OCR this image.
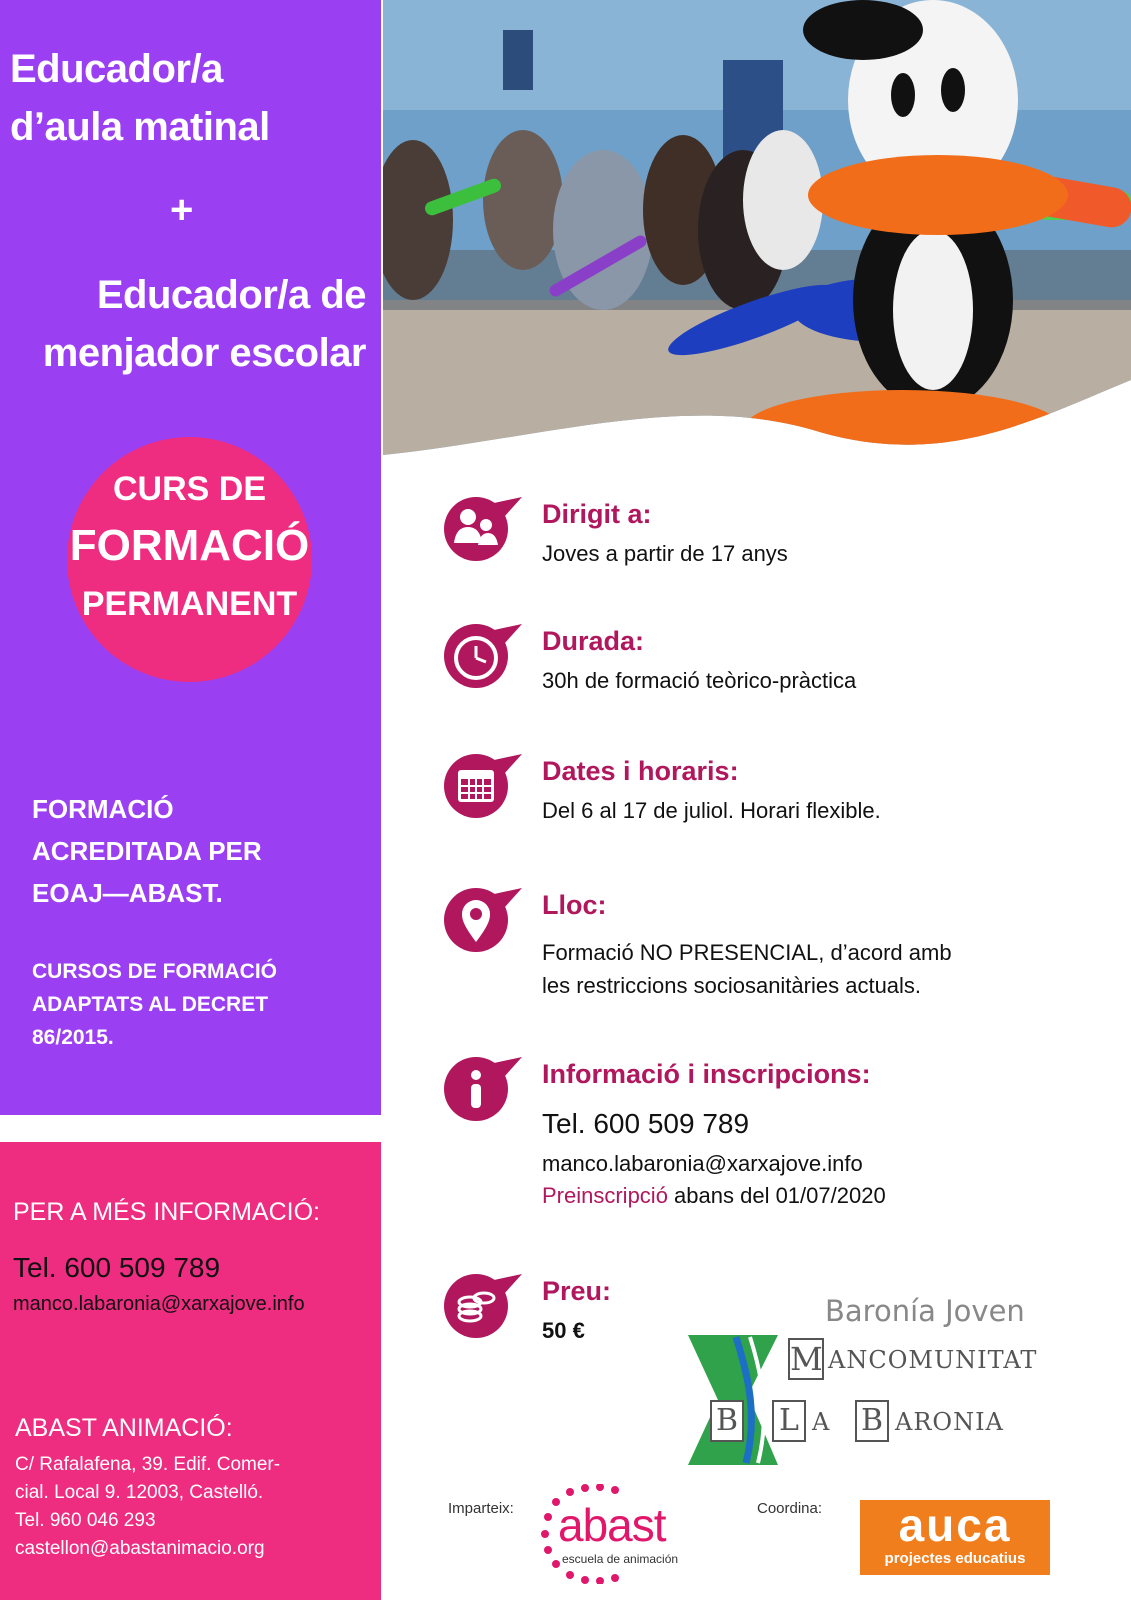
Educador/a
d’aula matinal
+
Educador/a de
menjador escolar
CURS DE
FORMACIÓ
PERMANENT
FORMACIÓ
ACREDITADA PER
EOAJ—ABAST.
CURSOS DE FORMACIÓ
ADAPTATS AL DECRET
86/2015.
PER A MÉS INFORMACIÓ:
Tel. 600 509 789
manco.labaronia@xarxajove.info
ABAST ANIMACIÓ:
C/ Rafalafena, 39. Edif. Comer-
cial. Local 9. 12003, Castelló.
Tel. 960 046 293
castellon@abastanimacio.org
Dirigit a:
Joves a partir de 17 anys
Durada:
30h de formació teòrico-pràctica
Dates i horaris:
Del 6 al 17 de juliol. Horari flexible.
Lloc:
Formació NO PRESENCIAL, d’acord amb
les restriccions sociosanitàries actuals.
Informació i inscripcions:
Tel. 600 509 789
manco.labaronia@xarxajove.info
Preinscripció abans del 01/07/2020
Preu:
50 €
Baronía Joven
M ANCOMUNITAT
B L A B ARONIA
Imparteix: abast
escuela de animación
Coordina:	auca
projectes educatius
